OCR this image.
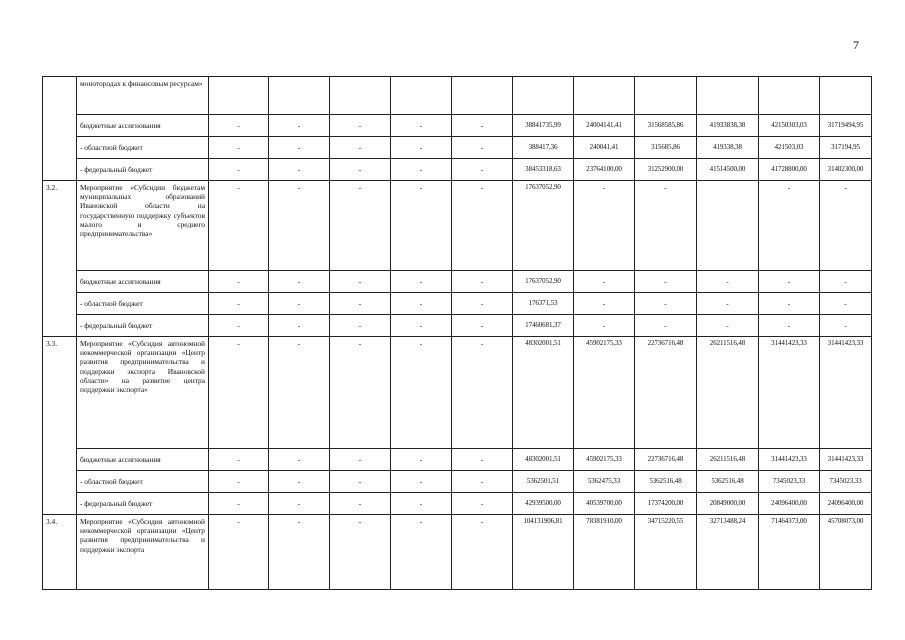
7
	монотородах к финансовым ресурсам»											
	бюджетные ассигнования	-	-	-	-	-	38841735,99	24004141,41	31568585,86	41933838,38	42150303,03	31719494,95
	- областной бюджет	-	-	-	-	-	388417,36	240041,41	315685,86	419338,38	421503,03	317194,95
	- федеральный бюджет	-	-	-	-	-	38453318,63	23764100,00	31252900,00	41514500,00	41728800,00	31402300,00
3.2.	Мероприятие «Субсидии бюджетам муниципальных образований Ивановской области на государственную поддержку субъектов малого и среднего предпринимательства»	-	-	-	-	-	17637052,90	-	-		-	-
	бюджетные ассигнования	-	-	-	-	-	17637052,90	-	-	-	-	-
	- областной бюджет	-	-	-	-	-	176371,53	-	-	-	-	-
	- федеральный бюджет	-	-	-	-	-	17460681,37	-	-	-	-	-
3.3.	Мероприятие «Субсидия автономной некоммерческой организации «Центр развития предпринимательства и поддержки экспорта Ивановской области» на развитие центра поддержки экспорта»	-	-	-	-	-	48302001,51	45902175,33	22736716,48	26211516,48	31441423,33	31441423,33
	бюджетные ассигнования	-	-	-	-	-	48302001,51	45902175,33	22736716,48	26211516,48	31441423,33	31441423,33
	- областной бюджет	-	-	-	-	-	5362501,51	5362475,33	5362516,48	5362516,48	7345023,33	7345023,33
	- федеральный бюджет	-	-	-	-	-	42939500,00	40539700,00	17374200,00	20849000,00	24096400,00	24096400,00
3.4.	Мероприятие «Субсидия автономной некоммерческой организации «Центр развития предпринимательства и поддержки экспорта	-	-	-	-	-	104131906,81	78381910,00	34715220,55	32713488,24	71464373,00	45708073,00
